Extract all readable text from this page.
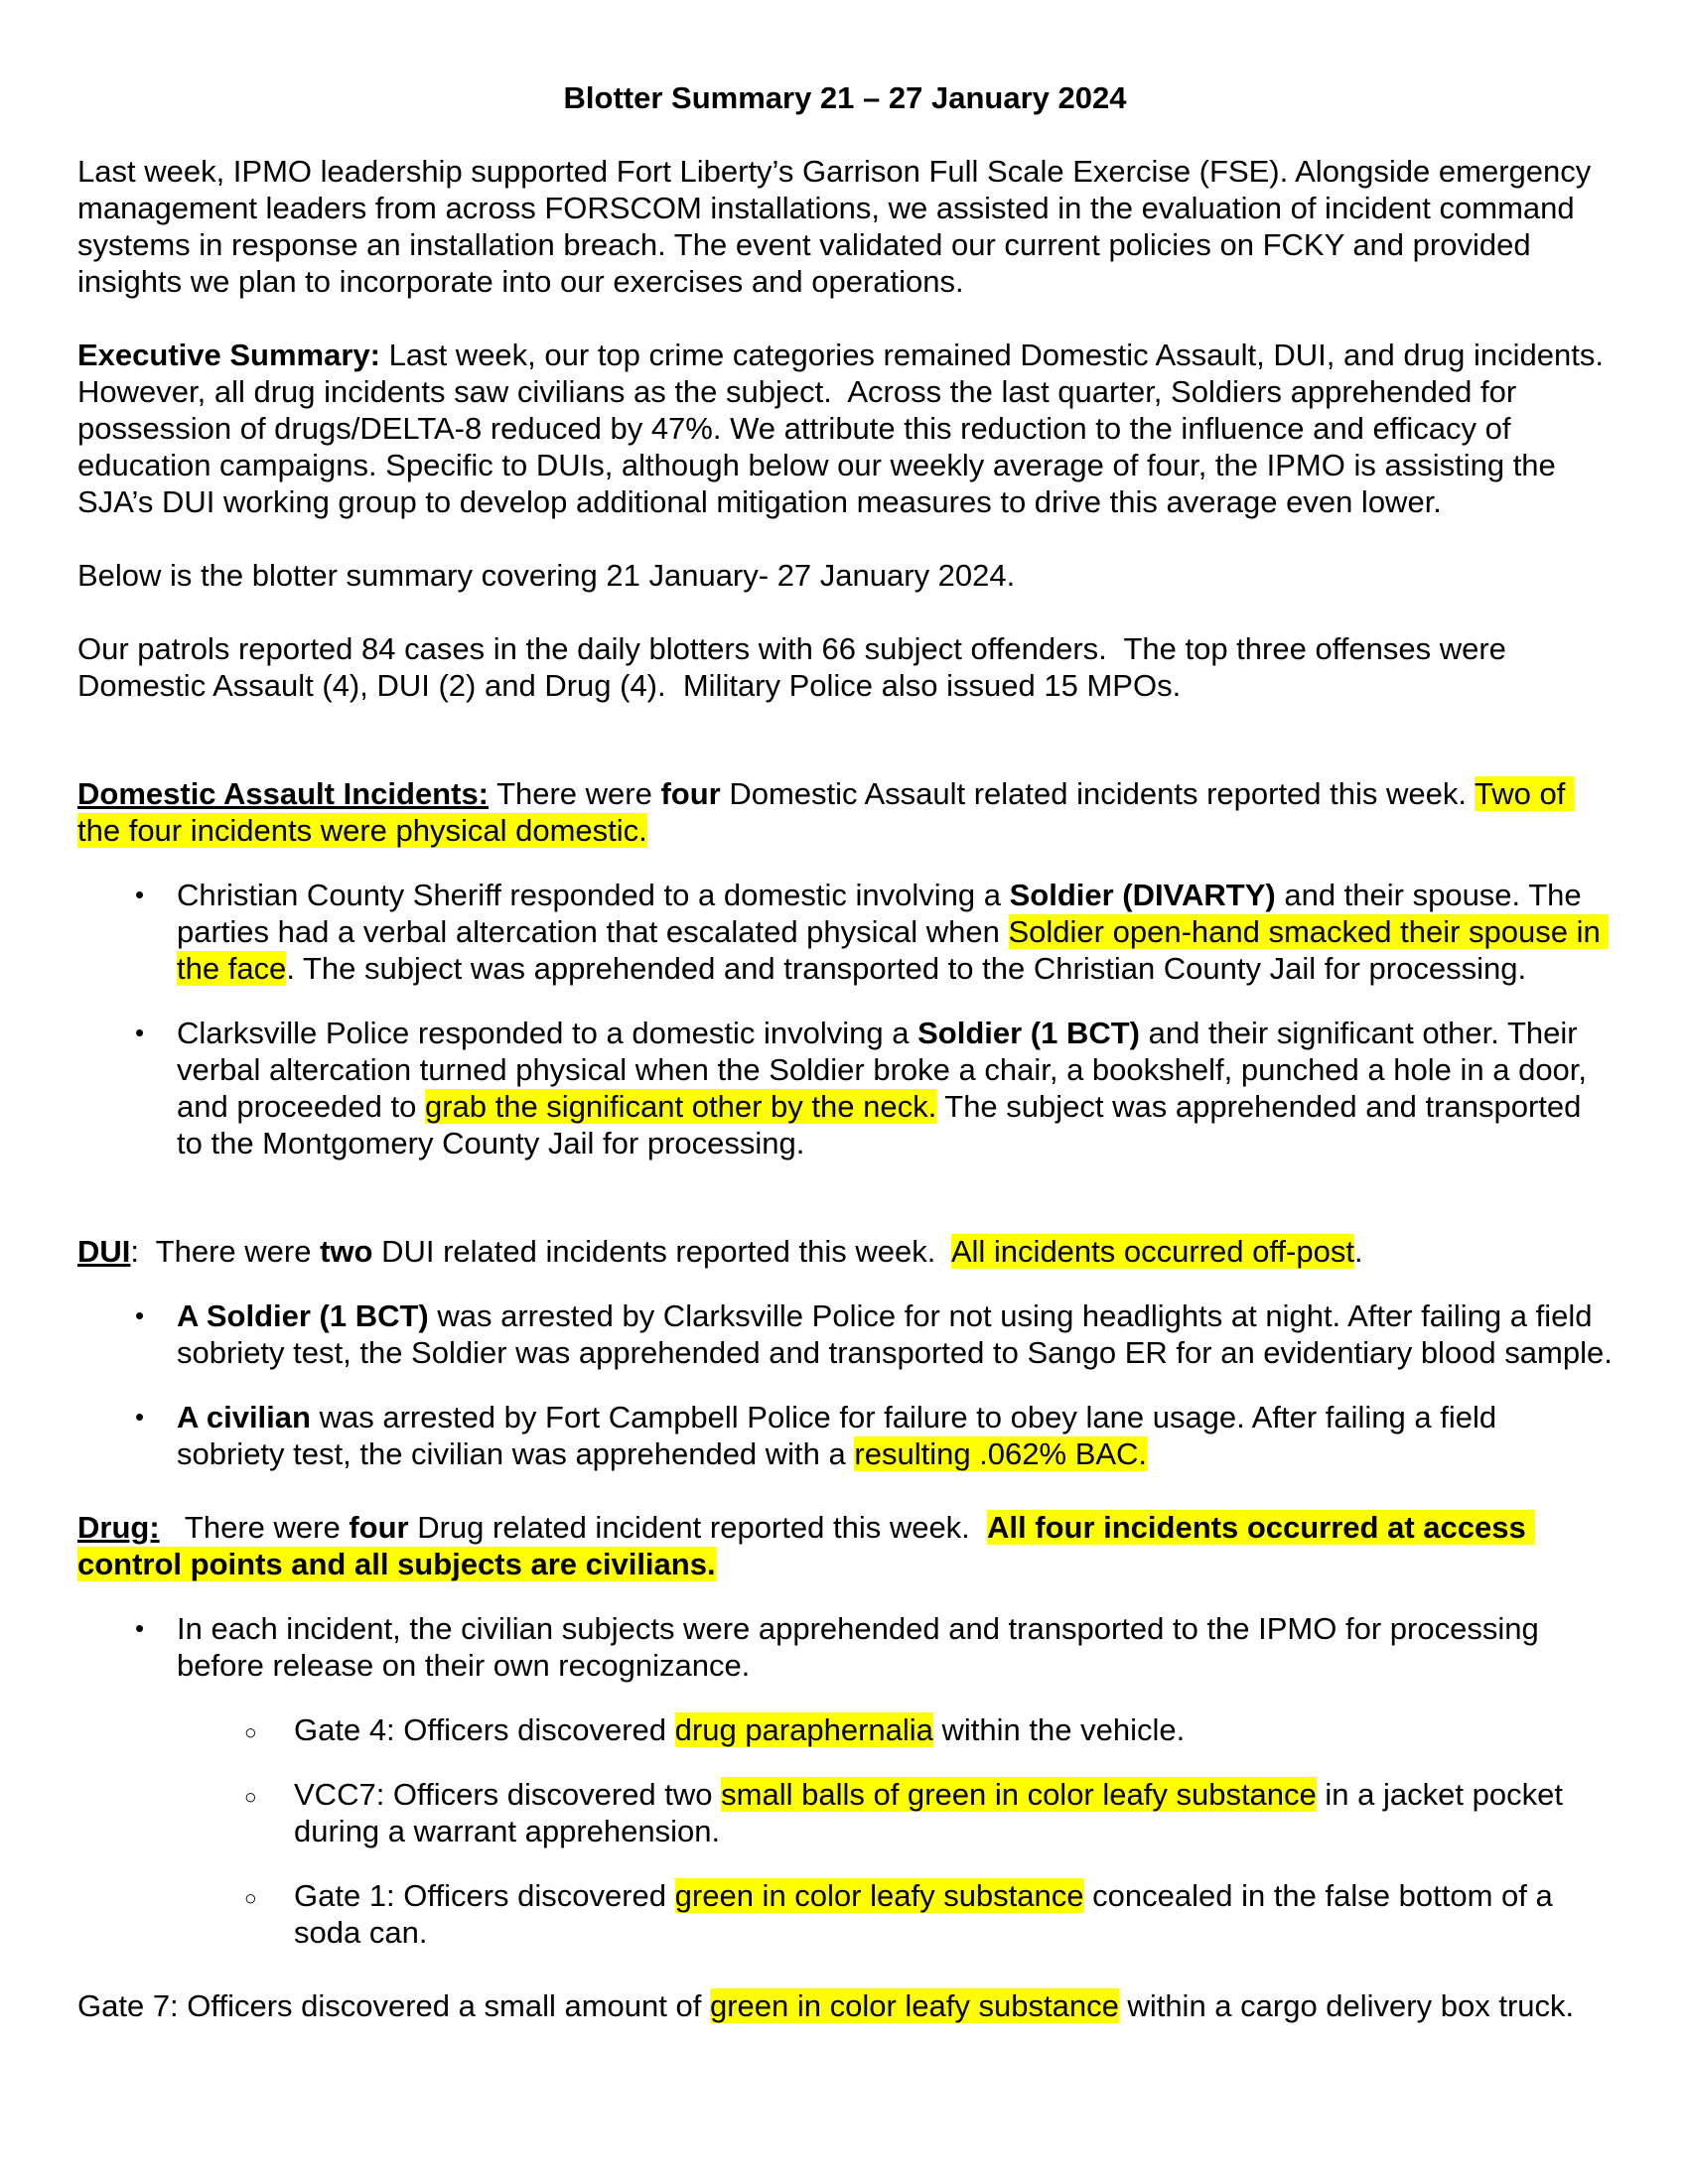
Blotter Summary 21 – 27 January 2024

Last week, IPMO leadership supported Fort Liberty’s Garrison Full Scale Exercise (FSE). Alongside emergency management leaders from across FORSCOM installations, we assisted in the evaluation of incident command systems in response an installation breach. The event validated our current policies on FCKY and provided insights we plan to incorporate into our exercises and operations.

Executive Summary: Last week, our top crime categories remained Domestic Assault, DUI, and drug incidents.  However, all drug incidents saw civilians as the subject.  Across the last quarter, Soldiers apprehended for possession of drugs/DELTA-8 reduced by 47%. We attribute this reduction to the influence and efficacy of education campaigns. Specific to DUIs, although below our weekly average of four, the IPMO is assisting the SJA’s DUI working group to develop additional mitigation measures to drive this average even lower.

Below is the blotter summary covering 21 January- 27 January 2024.

Our patrols reported 84 cases in the daily blotters with 66 subject offenders.  The top three offenses were Domestic Assault (4), DUI (2) and Drug (4).  Military Police also issued 15 MPOs.

Domestic Assault Incidents: There were four Domestic Assault related incidents reported this week. Two of the four incidents were physical domestic.

• Christian County Sheriff responded to a domestic involving a Soldier (DIVARTY) and their spouse. The parties had a verbal altercation that escalated physical when Soldier open-hand smacked their spouse in the face. The subject was apprehended and transported to the Christian County Jail for processing.
• Clarksville Police responded to a domestic involving a Soldier (1 BCT) and their significant other. Their verbal altercation turned physical when the Soldier broke a chair, a bookshelf, punched a hole in a door, and proceeded to grab the significant other by the neck. The subject was apprehended and transported to the Montgomery County Jail for processing.

DUI:  There were two DUI related incidents reported this week.  All incidents occurred off-post.

• A Soldier (1 BCT) was arrested by Clarksville Police for not using headlights at night. After failing a field sobriety test, the Soldier was apprehended and transported to Sango ER for an evidentiary blood sample.
• A civilian was arrested by Fort Campbell Police for failure to obey lane usage. After failing a field sobriety test, the civilian was apprehended with a resulting .062% BAC.

Drug:   There were four Drug related incident reported this week.  All four incidents occurred at access control points and all subjects are civilians.

• In each incident, the civilian subjects were apprehended and transported to the IPMO for processing before release on their own recognizance.
○ Gate 4: Officers discovered drug paraphernalia within the vehicle.
○ VCC7: Officers discovered two small balls of green in color leafy substance in a jacket pocket during a warrant apprehension.
○ Gate 1: Officers discovered green in color leafy substance concealed in the false bottom of a soda can.

Gate 7: Officers discovered a small amount of green in color leafy substance within a cargo delivery box truck.
